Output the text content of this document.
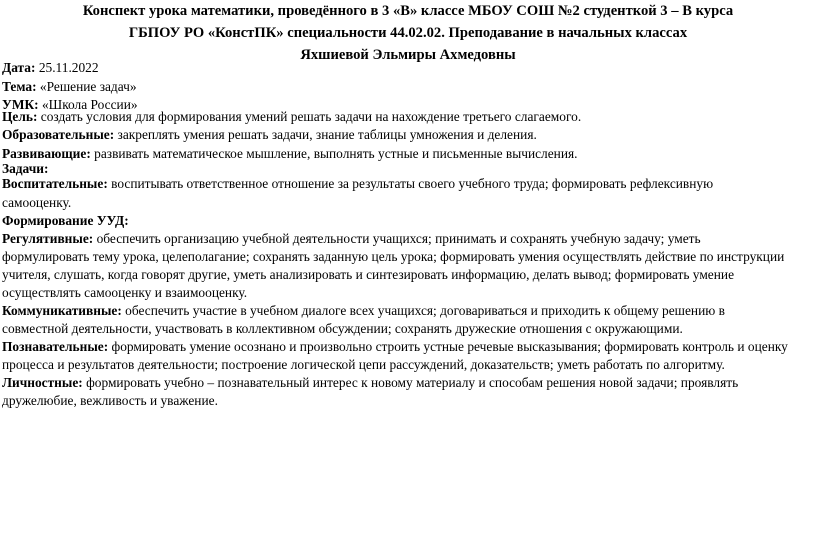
Конспект урока математики, проведённого в 3 «В» классе МБОУ СОШ №2 студенткой 3 – В курса

ГБПОУ РО «КонстПК» специальности 44.02.02. Преподавание в начальных классах

Яхшиевой Эльмиры Ахмедовны

Дата: 25.11.2022

Тема: «Решение задач»

УМК: «Школа России»

Цель: создать условия для формирования умений решать задачи на нахождение третьего слагаемого.

Образовательные: закреплять умения решать задачи, знание таблицы умножения и деления.

Развивающие: развивать математическое мышление, выполнять устные и письменные вычисления.

Задачи:

Воспитательные: воспитывать ответственное отношение за результаты своего учебного труда; формировать рефлексивную

самооценку.

Формирование УУД:

Регулятивные: обеспечить организацию учебной деятельности учащихся; принимать и сохранять учебную задачу; уметь

формулировать тему урока, целеполагание; сохранять заданную цель урока; формировать умения осуществлять действие по инструкции

учителя, слушать, когда говорят другие, уметь анализировать и синтезировать информацию, делать вывод; формировать умение

осуществлять самооценку и взаимооценку.

Коммуникативные: обеспечить участие в учебном диалоге всех учащихся; договариваться и приходить к общему решению в

совместной деятельности, участвовать в коллективном обсуждении; сохранять дружеские отношения с окружающими.

Познавательные: формировать умение осознано и произвольно строить устные речевые высказывания; формировать контроль и оценку

процесса и результатов деятельности; построение логической цепи рассуждений, доказательств; уметь работать по алгоритму.

Личностные: формировать учебно – познавательный интерес к новому материалу и способам решения новой задачи; проявлять

дружелюбие, вежливость и уважение.
